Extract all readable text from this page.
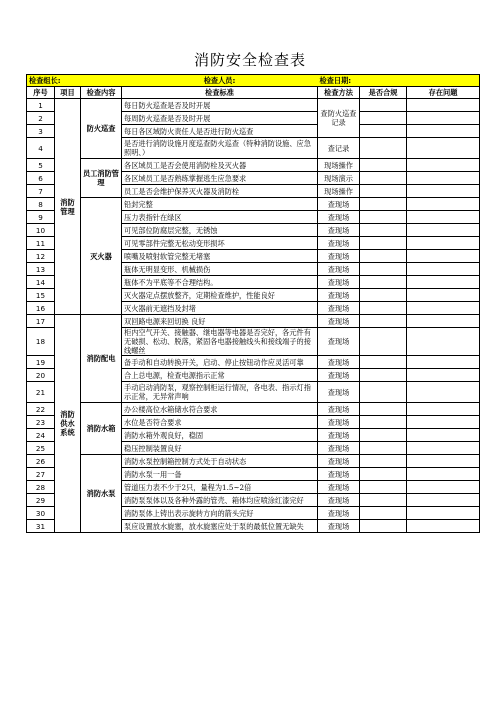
消防安全检查表
检查组长:			检查人员:	检查日期:		
序号	项目	检查内容	检查标准	检查方法	是否合规	存在问题
1	消防管理	防火巡查	每日防火巡查是否及时开展	查防火巡查记录		
2			每周防火巡查是否及时开展			
3			每日各区域防火责任人是否进行防火巡查			
4			是否进行消防设施月度巡查防火巡查（特种消防设施、应急照明、）	查记录		
5		员工消防管理	各区域员工是否会使用消防栓及灭火器	现场操作		
6			各区域员工是否熟练掌握逃生应急要求	现场演示		
7			员工是否会维护保养灭火器及消防栓	现场操作		
8		灭火器	铅封完整	查现场		
9			压力表指针在绿区	查现场		
10			可见部位防腐层完整，无锈蚀	查现场		
11			可见零部件完整无松动变形损坏	查现场		
12			喷嘴及喷射软管完整无堵塞	查现场		
13			瓶体无明显变形、机械损伤	查现场		
14			瓶体不为平底等不合理结构。	查现场		
15			灭火器定点摆放整齐，定期检查维护，性能良好	查现场		
16			灭火器前无遮挡及封堵	查现场		
17	消防供水系统	消防配电	双回路电源来回切换 良好	查现场		
18			柜内空气开关、接触器、继电器等电器是否完好，各元件有无破损、松动、脱落，紧固各电器接触线头和接线端子的接线螺丝	查现场		
19			备手动和自动转换开关，启动、停止按钮动作应灵活可靠	查现场		
20			合上总电源，检查电源指示正常	查现场		
21			手动启动消防泵，观察控制柜运行情况，各电表、指示灯指示正常，无异常声响	查现场		
22		消防水箱	办公楼高位水箱储水符合要求	查现场		
23			水位是否符合要求	查现场		
24			消防水箱外观良好，稳固	查现场		
25			稳压控制装置良好	查现场		
26		消防水泵	消防水泵控制箱控制方式处于自动状态	查现场		
27			消防水泵一用一备	查现场		
28			管道压力表不少于2只，量程为1.5~2倍	查现场		
29			消防泵泵体以及各种外露的管壳、箱体均应喷涂红漆完好	查现场		
30			消防泵体上铸出表示旋转方向的箭头完好	查现场		
31			泵应设置放水旋塞，放水旋塞应处于泵的最低位置无缺失	查现场		
